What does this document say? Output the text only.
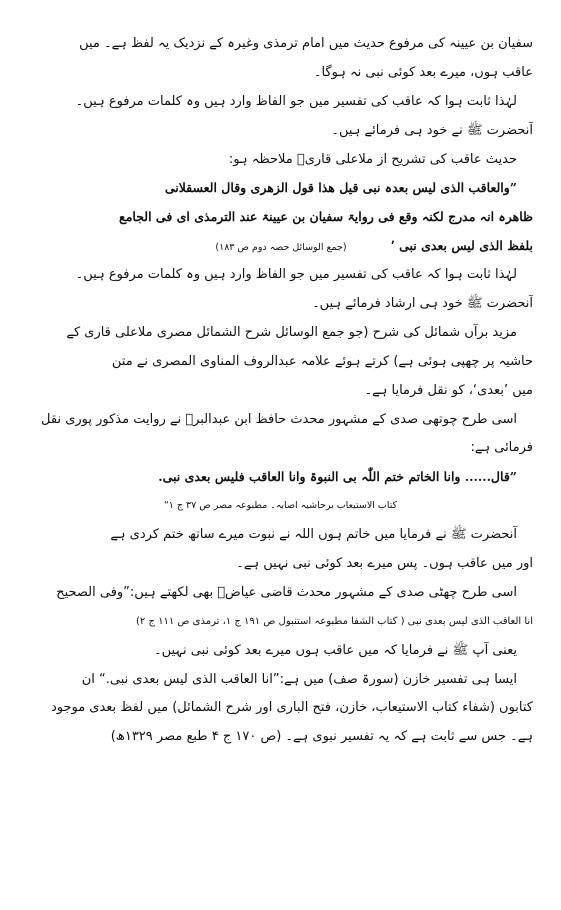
سفیان بن عیینہ کی مرفوع حدیث میں امام ترمذی وغیرہ کے نزدیک یہ لفظ ہے۔ میں
عاقب ہوں، میرے بعد کوئی نبی نہ ہوگا۔
لہٰذا ثابت ہوا کہ عاقب کی تفسیر میں جو الفاظ وارد ہیں وہ کلمات مرفوع ہیں۔
آنحضرت ﷺ نے خود ہی فرمائے ہیں۔
حدیث عاقب کی تشریح از ملاعلی قاریؒ ملاحظہ ہو:
”والعاقب الذی لیس بعدہ نبی قیل ھذا قول الزھری وقال العسقلانی
ظاھرہ انہ مدرج لکنہ وقع فی روایۃ سفیان بن عیینۃ عند الترمذی ای فی الجامع
بلفظ الذی لیس بعدی نبی ٬ (جمع الوسائل حصہ دوم ص ۱۸۳)
لہٰذا ثابت ہوا کہ عاقب کی تفسیر میں جو الفاظ وارد ہیں وہ کلمات مرفوع ہیں۔
آنحضرت ﷺ خود ہی ارشاد فرمائے ہیں۔
مزید برآں شمائل کی شرح (جو جمع الوسائل شرح الشمائل مصری ملاعلی قاری کے
حاشیہ پر چھپی ہوئی ہے) کرتے ہوئے علامہ عبدالروف المناوی المصری نے متن
میں ’بعدی‘، کو نقل فرمایا ہے۔
اسی طرح چوتھی صدی کے مشہور محدث حافظ ابن عبدالبرؒ نے روایت مذکور پوری نقل
فرمائی ہے:
”قال...... وانا الخاتم ختم اللّٰہ بی النبوۃ وانا العاقب فلیس بعدی نبی.
کتاب الاستیعاب برحاشیہ اصابہ۔ مطبوعہ مصر ص ۳۷ ج ۱“
آنحضرت ﷺ نے فرمایا میں خاتم ہوں اللہ نے نبوت میرے ساتھ ختم کردی ہے
اور میں عاقب ہوں۔ پس میرے بعد کوئی نبی نہیں ہے۔
اسی طرح چھٹی صدی کے مشہور محدث قاضی عیاضؒ بھی لکھتے ہیں:”وفی الصحیح
انا العاقب الذی لیس بعدی نبی ( کتاب الشفا مطبوعہ استنبول ص ۱۹۱ ج ۱، ترمذی ص ۱۱۱ ج ۲)
یعنی آپ ﷺ نے فرمایا کہ میں عاقب ہوں میرے بعد کوئی نبی نہیں۔
ایسا ہی تفسیر خازن (سورۃ صف) میں ہے:”انا العاقب الذی لیس بعدی نبی.“ ان
کتابوں (شفاء کتاب الاستیعاب، خازن، فتح الباری اور شرح الشمائل) میں لفظ بعدی موجود
ہے۔ جس سے ثابت ہے کہ یہ تفسیر نبوی ہے۔ (ص ۱۷۰ ج ۴ طبع مصر ۱۳۲۹ھ)
